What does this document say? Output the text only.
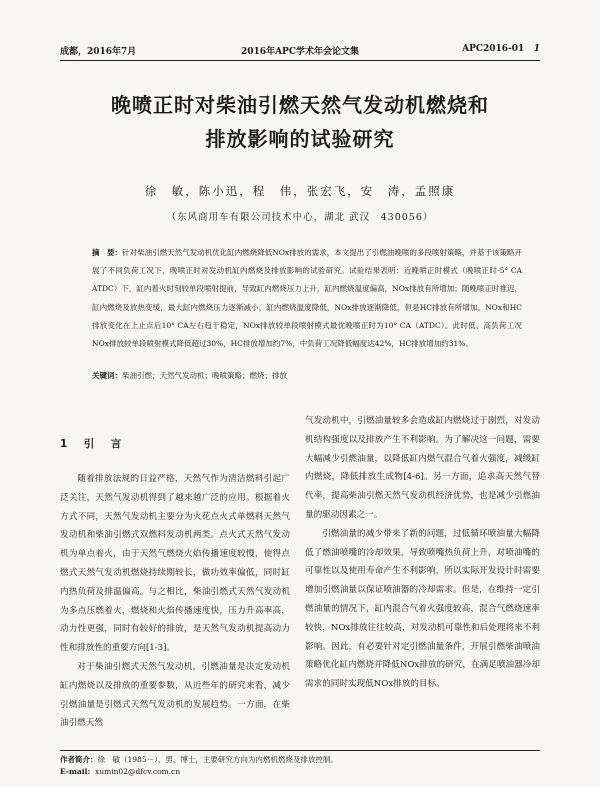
2016年APC学术年会论文集
成都，2016年7月	APC2016-01 1
晚喷正时对柴油引燃天然气发动机燃烧和
排放影响的试验研究
徐　敏，陈小迅，程　伟，张宏飞，安　涛，孟照康
（东风商用车有限公司技术中心，湖北 武汉　430056）
摘　要：针对柴油引燃天然气发动机优化缸内燃烧降低NOx排放的需求，本文提出了引燃油晚喷的多段喷射策略，并基于该策略开展了不同负荷工况下，晚喷正时对发动机缸内燃烧及排放影响的试验研究。试验结果表明：近晚喷正时模式（晚喷正时-5° CA ATDC）下，缸内着火时刻较单段喷射提前，导致缸内燃烧压力上升，缸内燃烧温度偏高，NOx排放有所增加；随晚喷正时推迟，缸内燃烧及放热变缓，最大缸内燃烧压力逐渐减小，缸内燃烧温度降低，NOx排放逐渐降低，但是HC排放有所增加。NOx和HC排放变化在上止点后10° CA左右趋于稳定，NOx排放较单段喷射模式最优晚喷正时为10° CA（ATDC）。此时低、高负荷工况NOx排放较单段喷射模式降低超过30%，HC排放增加约7%，中负荷工况降低幅度达42%，HC排放增加约31%。
关键词：柴油引燃；天然气发动机；晚喷策略；燃烧；排放
1　引　言

随着排放法规的日益严格，天然气作为清洁燃料引起广泛关注，天然气发动机得到了越来越广泛的应用。根据着火方式不同，天然气发动机主要分为火花点火式单燃料天然气发动机和柴油引燃式双燃料发动机两类。点火式天然气发动机为单点着火，由于天然气燃烧火焰传播速度较慢，使得点燃式天然气发动机燃烧持续期较长，做功效率偏低，同时缸内热负荷及排温偏高。与之相比，柴油引燃式天然气发动机为多点压燃着火，燃烧和火焰传播速度快，压力升高率高，动力性更强，同时有较好的排放，是天然气发动机提高动力性和排放性的重要方向[1-3]。

对于柴油引燃式天然气发动机，引燃油量是决定发动机缸内燃烧以及排放的重要参数，从近些年的研究来看，减少引燃油量是引燃式天然气发动机的发展趋势。一方面，在柴油引燃天然

气发动机中，引燃油量较多会造成缸内燃烧过于剧烈，对发动机结构强度以及排放产生不利影响。为了解决这一问题，需要大幅减少引燃油量，以降低缸内燃气混合气着火强度，减缓缸内燃烧，降低排放生成物[4-6]。另一方面，追求高天然气替代率，提高柴油引燃天然气发动机经济优势，也是减少引燃油量的驱动因素之一。

引燃油量的减少带来了新的问题，过低循环喷油量大幅降低了燃油喷嘴的冷却效果，导致喷嘴热负荷上升，对喷油嘴的可靠性以及使用寿命产生不利影响，所以实际开发设计时需要增加引燃油量以保证喷油器的冷却需求。但是，在维持一定引燃油量的情况下，缸内混合气着火强度较高，混合气燃烧速率较快，NOx排放往往较高，对发动机可靠性和后处理将来不利影响。因此，有必要针对定引燃油量条件，开展引燃柴油喷油策略优化缸内燃烧并降低NOx排放的研究，在满足喷油器冷却需求的同时实现低NOx排放的目标。

作者简介：徐　敏（1985－），男，博士，主要研究方向为内燃机燃烧及排放控制。
E-mail: xumin02@dfcv.com.cn
